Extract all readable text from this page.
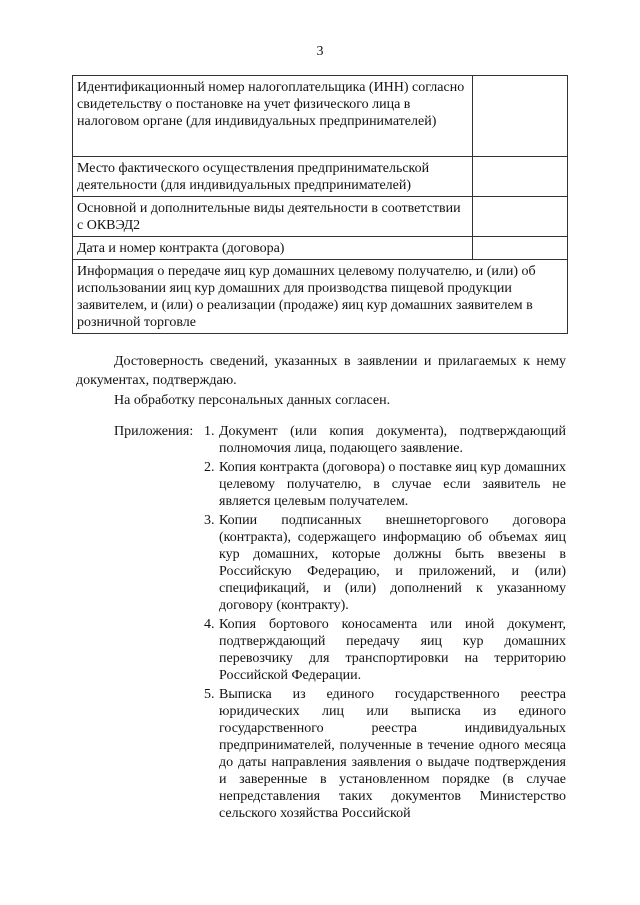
3
Идентификационный номер налогоплательщика (ИНН) согласно свидетельству о постановке на учет физического лица в налоговом органе (для индивидуальных предпринимателей)	
Место фактического осуществления предпринимательской деятельности (для индивидуальных предпринимателей)	
Основной и дополнительные виды деятельности в соответствии с ОКВЭД2	
Дата и номер контракта (договора)	
Информация о передаче яиц кур домашних целевому получателю, и (или) об использовании яиц кур домашних для производства пищевой продукции заявителем, и (или) о реализации (продаже) яиц кур домашних заявителем в розничной торговле	

Достоверность сведений, указанных в заявлении и прилагаемых к нему документах, подтверждаю.

На обработку персональных данных согласен.

Приложения: 1. Документ (или копия документа), подтверждающий полномочия лица, подающего заявление.
2. Копия контракта (договора) о поставке яиц кур домашних целевому получателю, в случае если заявитель не является целевым получателем.
3. Копии подписанных внешнеторгового договора (контракта), содержащего информацию об объемах яиц кур домашних, которые должны быть ввезены в Российскую Федерацию, и приложений, и (или) спецификаций, и (или) дополнений к указанному договору (контракту).
4. Копия бортового коносамента или иной документ, подтверждающий передачу яиц кур домашних перевозчику для транспортировки на территорию Российской Федерации.
5. Выписка из единого государственного реестра юридических лиц или выписка из единого государственного реестра индивидуальных предпринимателей, полученные в течение одного месяца до даты направления заявления о выдаче подтверждения и заверенные в установленном порядке (в случае непредставления таких документов Министерство сельского хозяйства Российской
